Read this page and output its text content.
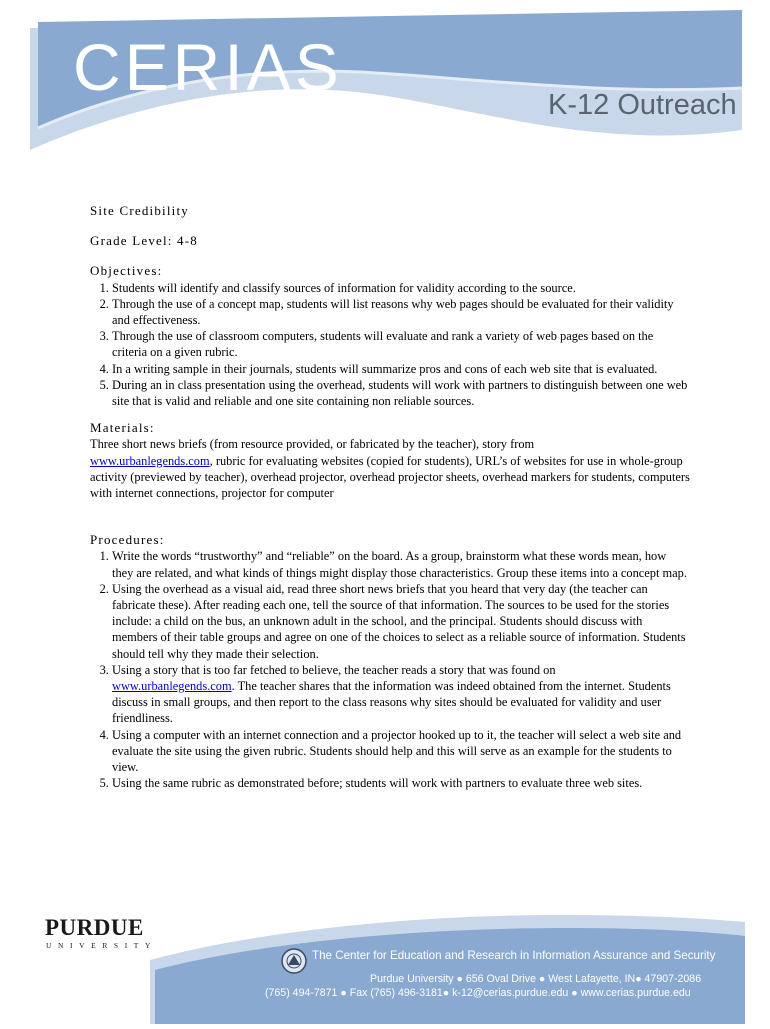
CERIAS
K-12 Outreach

Site Credibility

Grade Level: 4-8

Objectives:

1. Students will identify and classify sources of information for validity according to the source.
2. Through the use of a concept map, students will list reasons why web pages should be evaluated for their validity and effectiveness.
3. Through the use of classroom computers, students will evaluate and rank a variety of web pages based on the criteria on a given rubric.
4. In a writing sample in their journals, students will summarize pros and cons of each web site that is evaluated.
5. During an in class presentation using the overhead, students will work with partners to distinguish between one web site that is valid and reliable and one site containing non reliable sources.

Materials:

Three short news briefs (from resource provided, or fabricated by the teacher), story from
www.urbanlegends.com, rubric for evaluating websites (copied for students), URL’s of websites for use in whole-group activity (previewed by teacher), overhead projector, overhead projector sheets, overhead markers for students, computers with internet connections, projector for computer

Procedures:

1. Write the words “trustworthy” and “reliable” on the board. As a group, brainstorm what these words mean, how they are related, and what kinds of things might display those characteristics. Group these items into a concept map.
2. Using the overhead as a visual aid, read three short news briefs that you heard that very day (the teacher can fabricate these). After reading each one, tell the source of that information. The sources to be used for the stories include: a child on the bus, an unknown adult in the school, and the principal. Students should discuss with members of their table groups and agree on one of the choices to select as a reliable source of information. Students should tell why they made their selection.
3. Using a story that is too far fetched to believe, the teacher reads a story that was found on
www.urbanlegends.com. The teacher shares that the information was indeed obtained from the internet. Students discuss in small groups, and then report to the class reasons why sites should be evaluated for validity and user friendliness.
4. Using a computer with an internet connection and a projector hooked up to it, the teacher will select a web site and evaluate the site using the given rubric. Students should help and this will serve as an example for the students to view.
5. Using the same rubric as demonstrated before; students will work with partners to evaluate three web sites.
PURDUE
UNIVERSITY
The Center for Education and Research in Information Assurance and Security
Purdue University ● 656 Oval Drive ● West Lafayette, IN● 47907-2086
(765) 494-7871 ● Fax (765) 496-3181● k-12@cerias.purdue.edu ● www.cerias.purdue.edu
